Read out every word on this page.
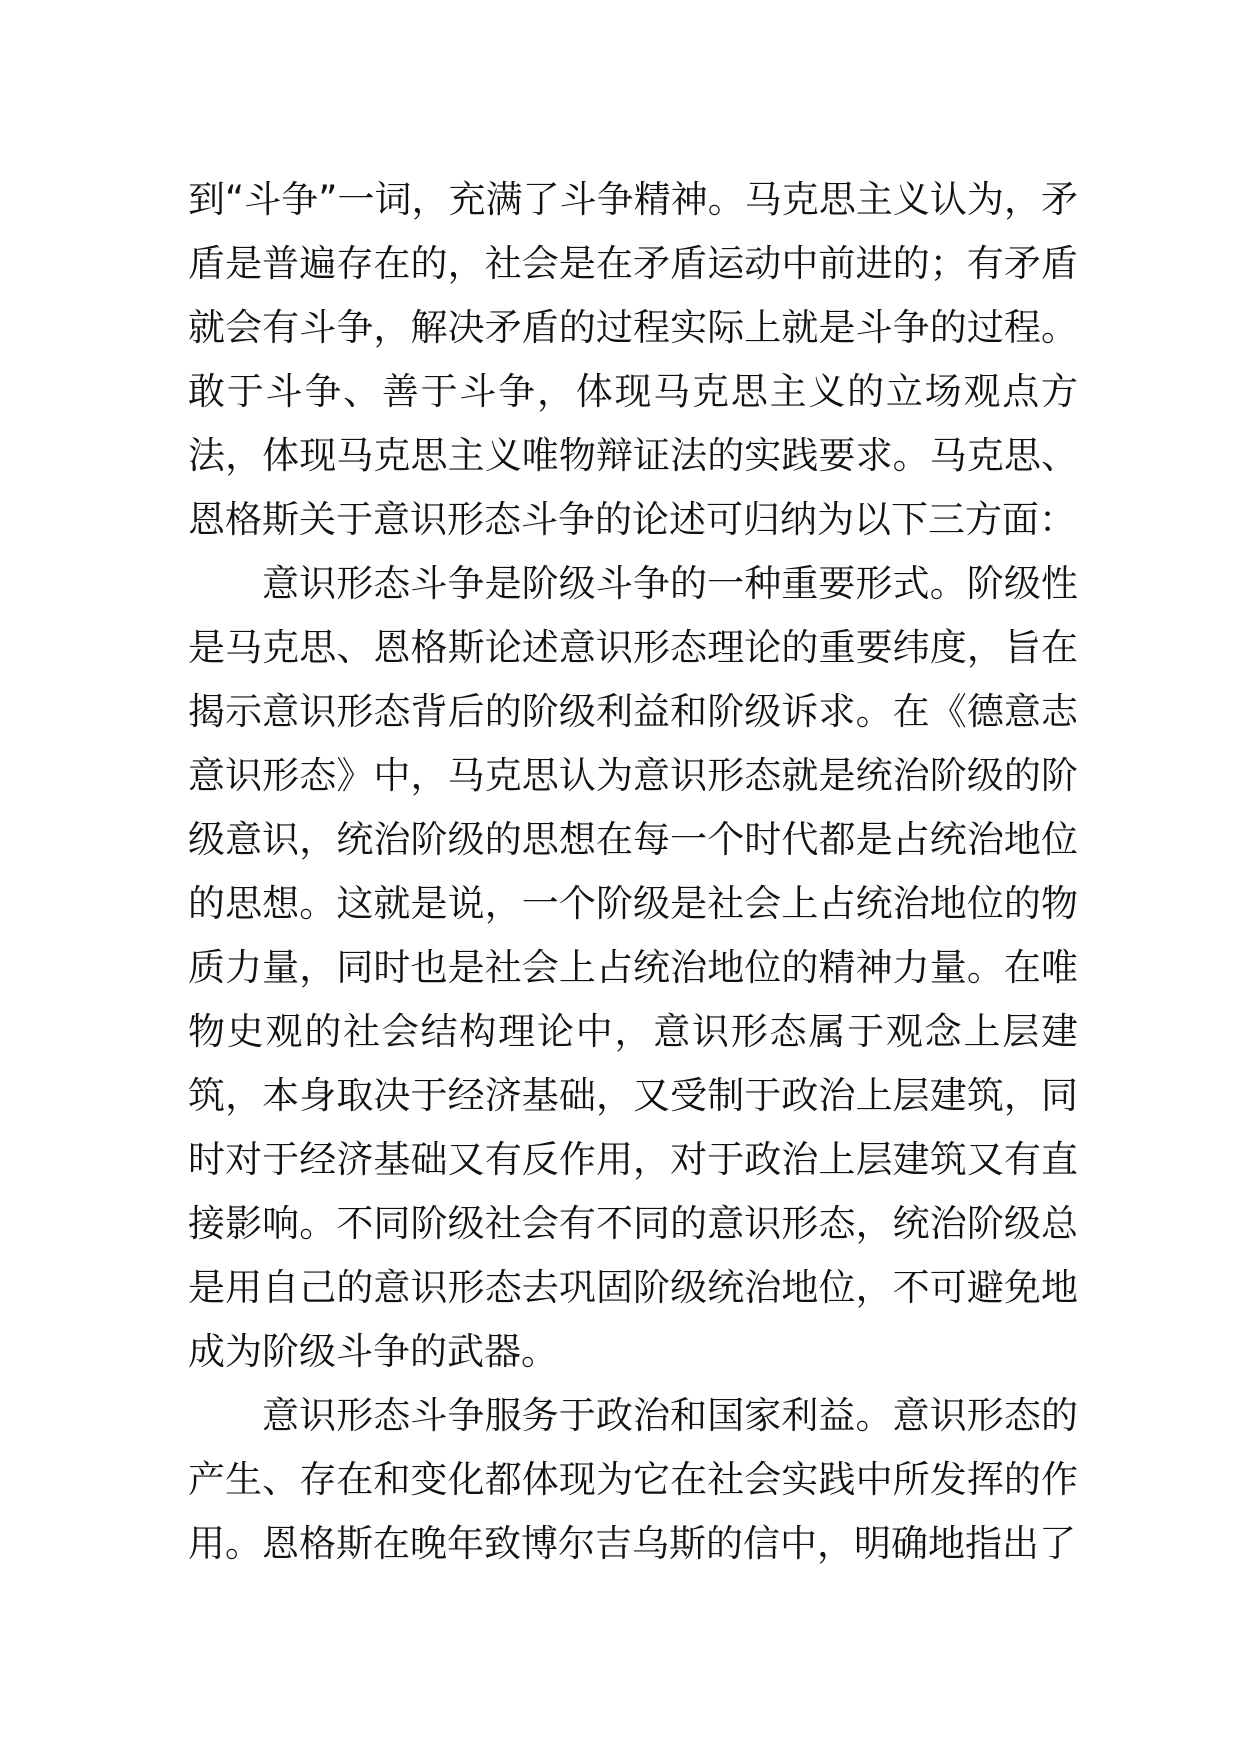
到“斗争”一词，充满了斗争精神。马克思主义认为，矛盾是普遍存在的，社会是在矛盾运动中前进的；有矛盾就会有斗争，解决矛盾的过程实际上就是斗争的过程。敢于斗争、善于斗争，体现马克思主义的立场观点方法，体现马克思主义唯物辩证法的实践要求。马克思、恩格斯关于意识形态斗争的论述可归纳为以下三方面：

意识形态斗争是阶级斗争的一种重要形式。阶级性是马克思、恩格斯论述意识形态理论的重要纬度，旨在揭示意识形态背后的阶级利益和阶级诉求。在《德意志意识形态》中，马克思认为意识形态就是统治阶级的阶级意识，统治阶级的思想在每一个时代都是占统治地位的思想。这就是说，一个阶级是社会上占统治地位的物质力量，同时也是社会上占统治地位的精神力量。在唯物史观的社会结构理论中，意识形态属于观念上层建筑，本身取决于经济基础，又受制于政治上层建筑，同时对于经济基础又有反作用，对于政治上层建筑又有直接影响。不同阶级社会有不同的意识形态，统治阶级总是用自己的意识形态去巩固阶级统治地位，不可避免地成为阶级斗争的武器。

意识形态斗争服务于政治和国家利益。意识形态的产生、存在和变化都体现为它在社会实践中所发挥的作用。恩格斯在晚年致博尔吉乌斯的信中，明确地指出了
